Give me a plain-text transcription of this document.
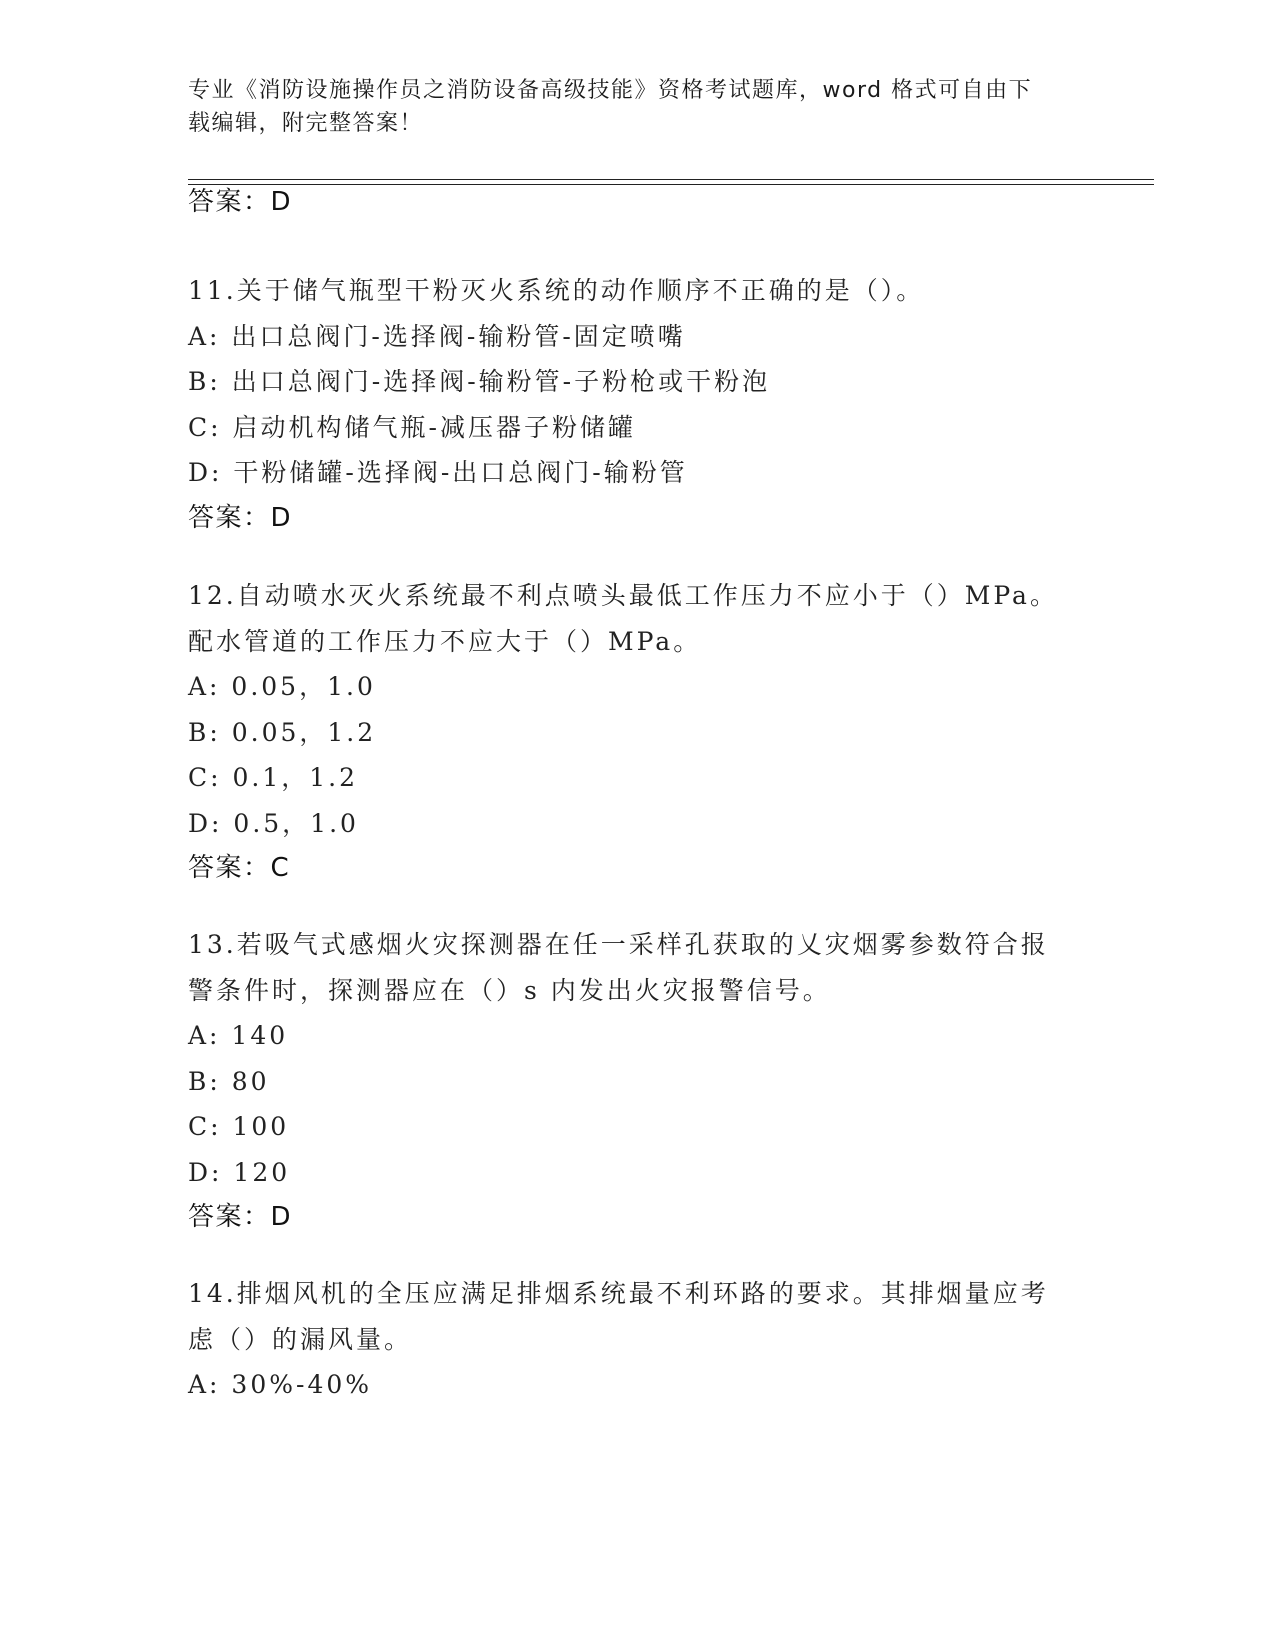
专业《消防设施操作员之消防设备高级技能》资格考试题库，word 格式可自由下
载编辑，附完整答案！
答案：D
11.关于储气瓶型干粉灭火系统的动作顺序不正确的是（）。
A: 出口总阀门-选择阀-输粉管-固定喷嘴
B: 出口总阀门-选择阀-输粉管-子粉枪或干粉泡
C: 启动机构储气瓶-减压器子粉储罐
D: 干粉储罐-选择阀-出口总阀门-输粉管
答案：D
12.自动喷水灭火系统最不利点喷头最低工作压力不应小于（）MPa。
配水管道的工作压力不应大于（）MPa。
A: 0.05，1.0
B: 0.05，1.2
C: 0.1，1.2
D: 0.5，1.0
答案：C
13.若吸气式感烟火灾探测器在任一采样孔获取的乂灾烟雾参数符合报
警条件时，探测器应在（）s 内发出火灾报警信号。
A: 140
B: 80
C: 100
D: 120
答案：D
14.排烟风机的全压应满足排烟系统最不利环路的要求。其排烟量应考
虑（）的漏风量。
A: 30%-40%
